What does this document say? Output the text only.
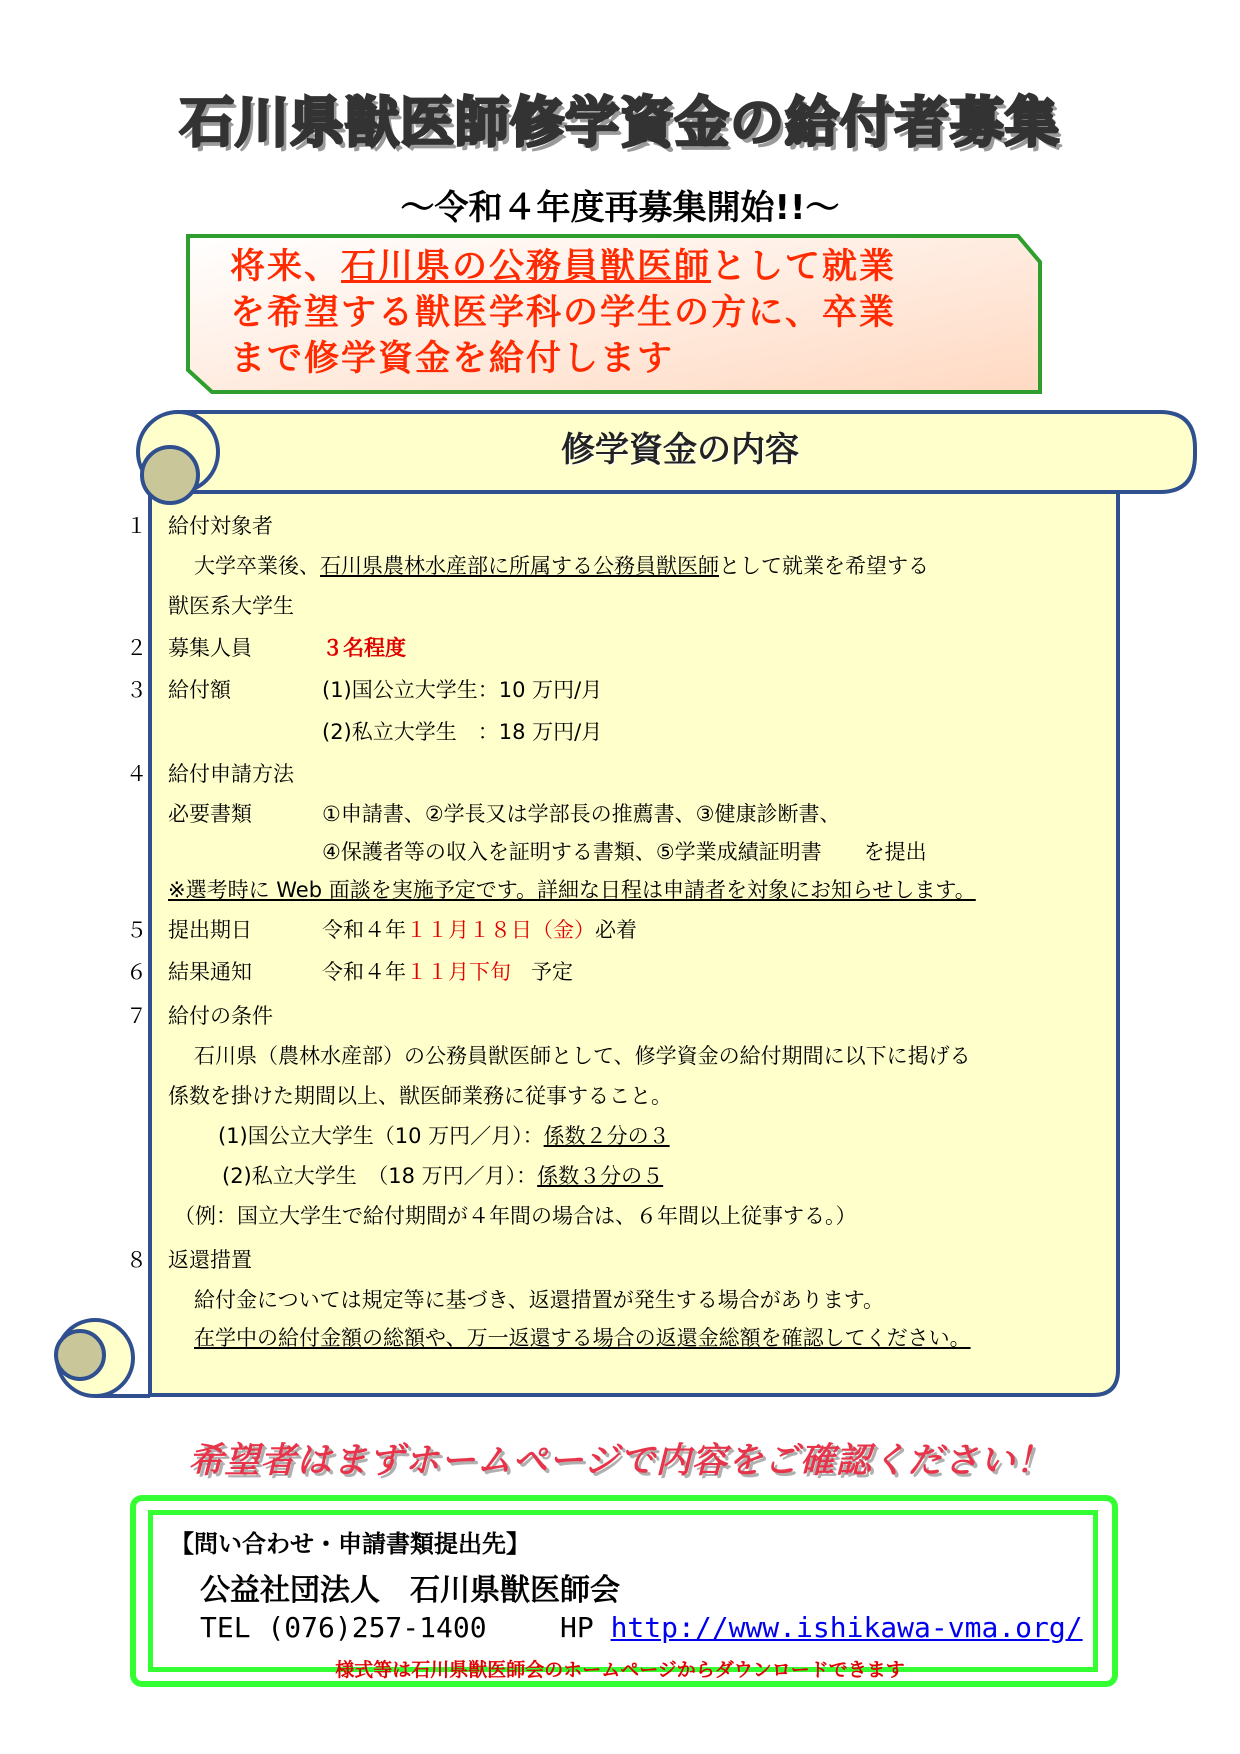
石川県獣医師修学資金の給付者募集
～令和４年度再募集開始!!～
将来、石川県の公務員獣医師として就業
を希望する獣医学科の学生の方に、卒業
まで修学資金を給付します
修学資金の内容
１ 給付対象者
大学卒業後、石川県農林水産部に所属する公務員獣医師として就業を希望する
獣医系大学生
２ 募集人員	３名程度
３ 給付額	(1)国公立大学生：10 万円/月
(2)私立大学生　：18 万円/月
４ 給付申請方法
必要書類	①申請書、②学長又は学部長の推薦書、③健康診断書、
④保護者等の収入を証明する書類、⑤学業成績証明書　　を提出
※選考時に Web 面談を実施予定です。詳細な日程は申請者を対象にお知らせします。
５ 提出期日	令和４年１１月１８日（金）必着
６ 結果通知	令和４年１１月下旬 予定
７ 給付の条件
石川県（農林水産部）の公務員獣医師として、修学資金の給付期間に以下に掲げる
係数を掛けた期間以上、獣医師業務に従事すること。
(1)国公立大学生（10 万円／月）：係数２分の３
(2)私立大学生　（18 万円／月）：係数３分の５
（例：国立大学生で給付期間が４年間の場合は、６年間以上従事する。）
８ 返還措置
給付金については規定等に基づき、返還措置が発生する場合があります。
在学中の給付金額の総額や、万一返還する場合の返還金総額を確認してください。
希望者はまずホームページで内容をご確認ください！
【問い合わせ・申請書類提出先】
公益社団法人　石川県獣医師会
TEL (076)257-1400	HP http://www.ishikawa-vma.org/
様式等は石川県獣医師会のホームページからダウンロードできます
